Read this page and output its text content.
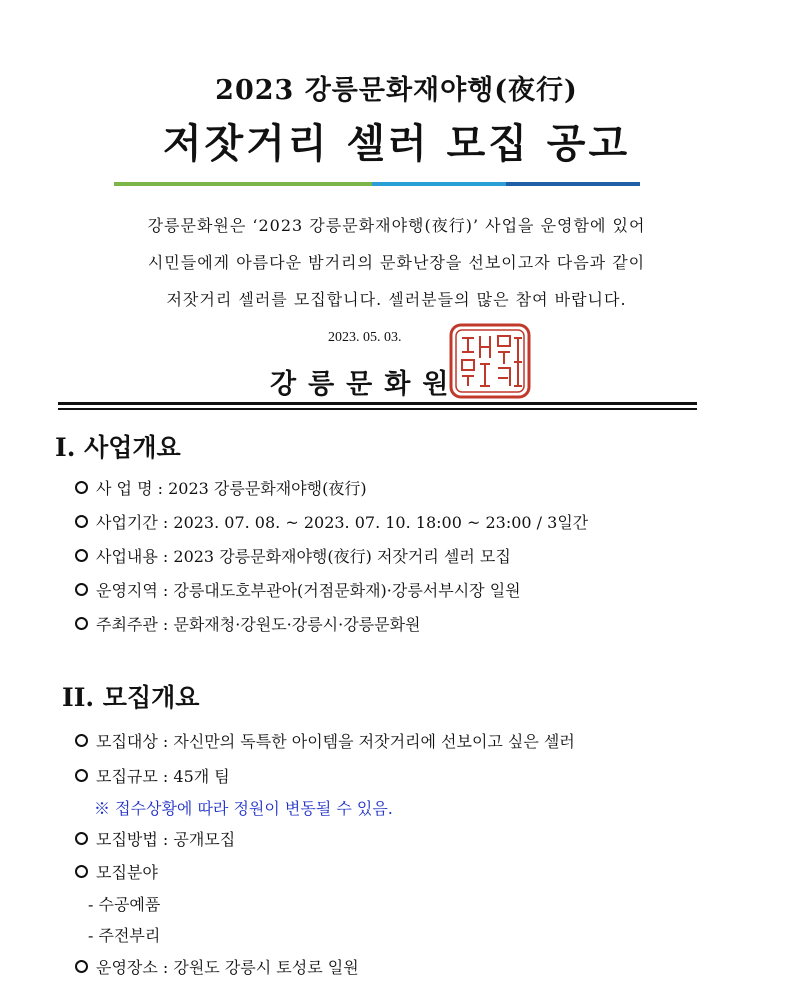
2023 강릉문화재야행(夜行)
저잣거리 셀러 모집 공고
강릉문화원은 ‘2023 강릉문화재야행(夜行)’ 사업을 운영함에 있어
시민들에게 아름다운 밤거리의 문화난장을 선보이고자 다음과 같이
저잣거리 셀러를 모집합니다. 셀러분들의 많은 참여 바랍니다.
2023. 05. 03.
강릉문화원
I. 사업개요
사 업 명 : 2023 강릉문화재야행(夜行)
사업기간 : 2023. 07. 08. ~ 2023. 07. 10. 18:00 ~ 23:00 / 3일간
사업내용 : 2023 강릉문화재야행(夜行) 저잣거리 셀러 모집
운영지역 : 강릉대도호부관아(거점문화재)·강릉서부시장 일원
주최주관 : 문화재청·강원도·강릉시·강릉문화원
II. 모집개요
모집대상 : 자신만의 독특한 아이템을 저잣거리에 선보이고 싶은 셀러
모집규모 : 45개 팀
※ 접수상황에 따라 정원이 변동될 수 있음.
모집방법 : 공개모집
모집분야
- 수공예품
- 주전부리
운영장소 : 강원도 강릉시 토성로 일원
